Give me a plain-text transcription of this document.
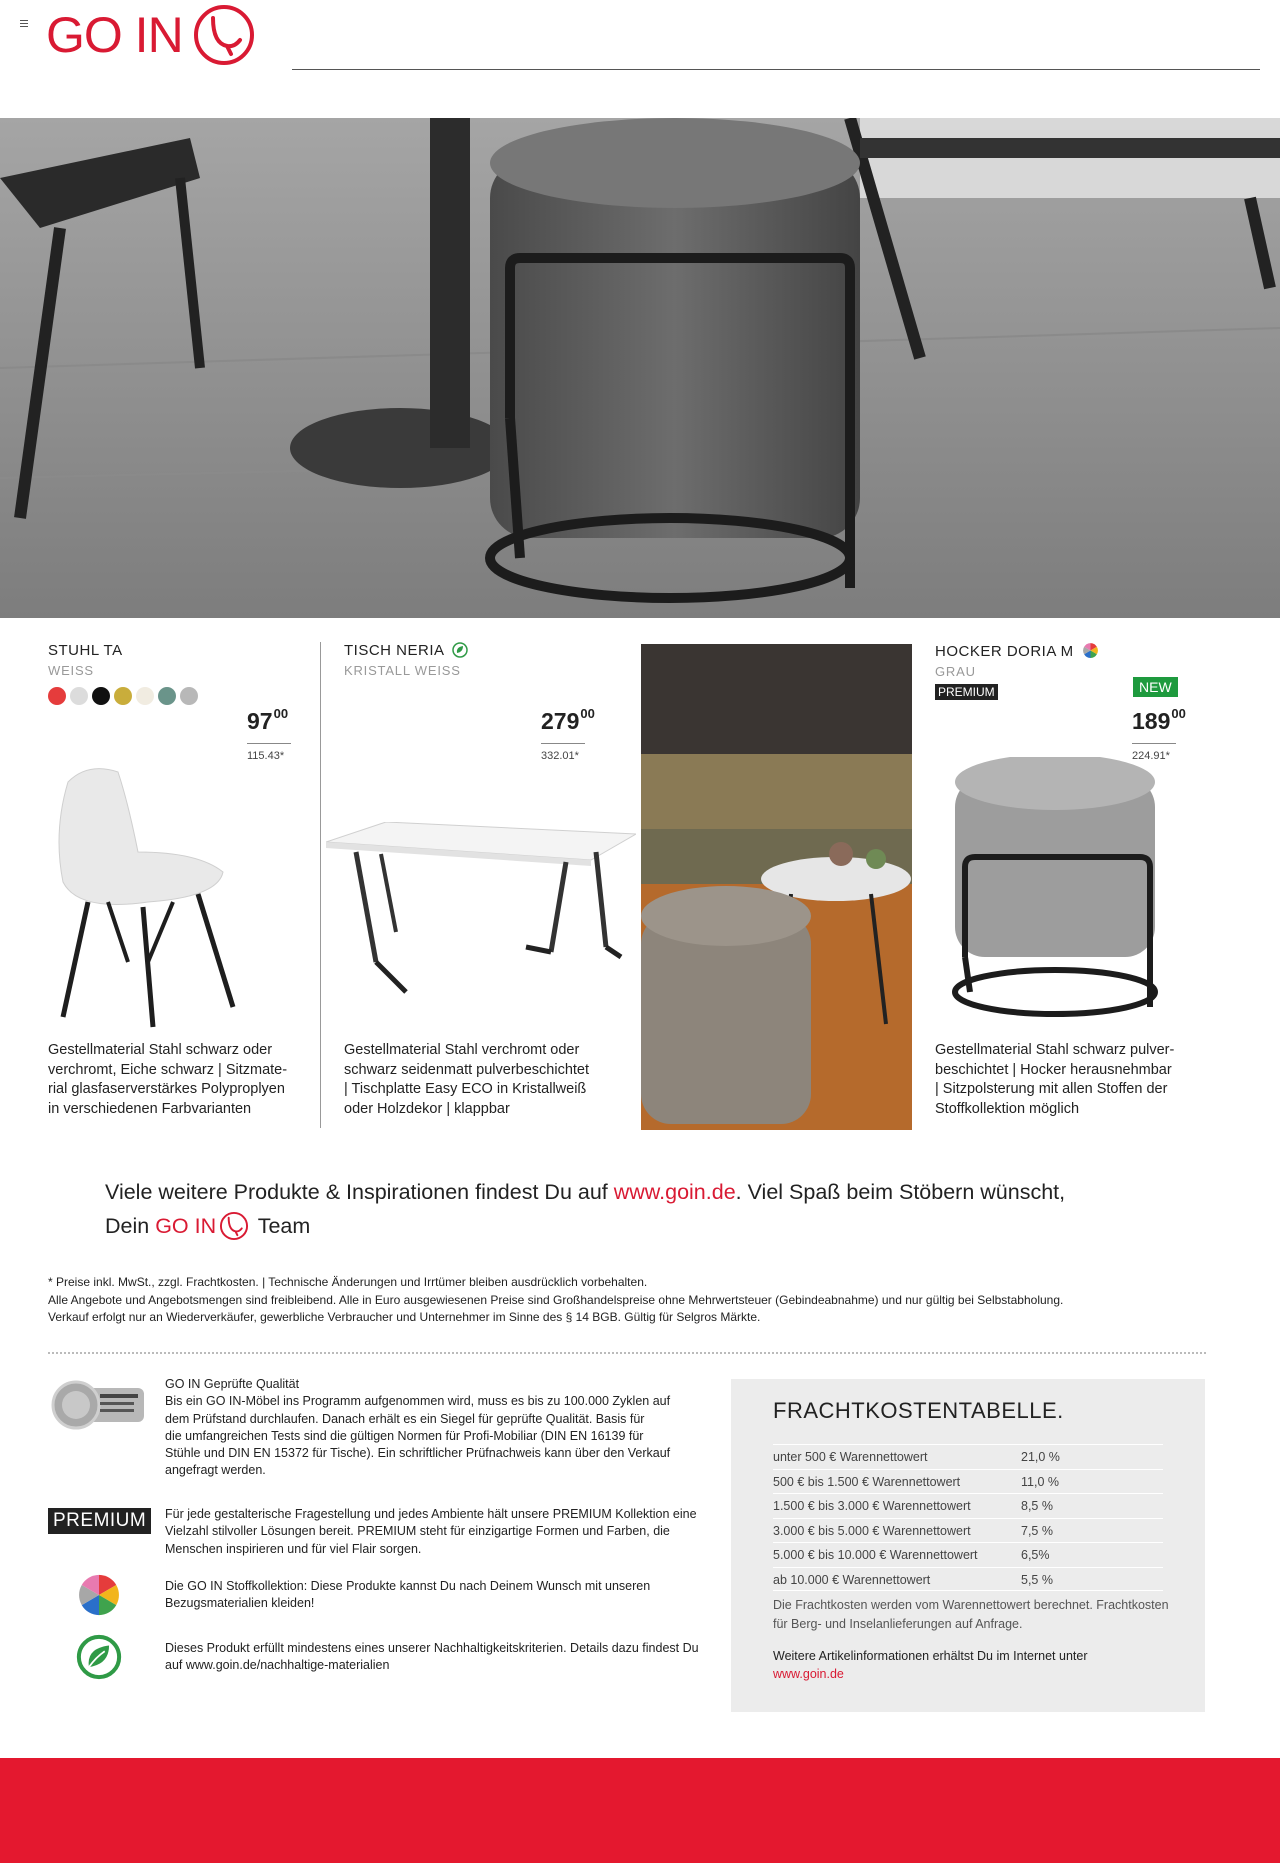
GO IN
STUHL TA
WEISS
$97^{00}$
115.43*
Gestellmaterial Stahl schwarz oder
verchromt, Eiche schwarz | Sitzmate-
rial glasfaserverstärkes Polyproplyen
in verschiedenen Farbvarianten
TISCH NERIA
KRISTALL WEISS
$279^{00}$
332.01*
Gestellmaterial Stahl verchromt oder
schwarz seidenmatt pulverbeschichtet
| Tischplatte Easy ECO in Kristallweiß
oder Holzdekor | klappbar
HOCKER DORIA M
GRAU
PREMIUM	NEW
$189^{00}$
224.91*
Gestellmaterial Stahl schwarz pulver-
beschichtet | Hocker herausnehmbar
| Sitzpolsterung mit allen Stoffen der
Stoffkollektion möglich
Viele weitere Produkte & Inspirationen findest Du auf www.goin.de. Viel Spaß beim Stöbern wünscht,
Dein GO IN Team
* Preise inkl. MwSt., zzgl. Frachtkosten. | Technische Änderungen und Irrtümer bleiben ausdrücklich vorbehalten.
Alle Angebote und Angebotsmengen sind freibleibend. Alle in Euro ausgewiesenen Preise sind Großhandelspreise ohne Mehrwertsteuer (Gebindeabnahme) und nur gültig bei Selbstabholung.
Verkauf erfolgt nur an Wiederverkäufer, gewerbliche Verbraucher und Unternehmer im Sinne des § 14 BGB. Gültig für Selgros Märkte.
GO IN Geprüfte Qualität
Bis ein GO IN-Möbel ins Programm aufgenommen wird, muss es bis zu 100.000 Zyklen auf
dem Prüfstand durchlaufen. Danach erhält es ein Siegel für geprüfte Qualität. Basis für
die umfangreichen Tests sind die gültigen Normen für Profi-Mobiliar (DIN EN 16139 für
Stühle und DIN EN 15372 für Tische). Ein schriftlicher Prüfnachweis kann über den Verkauf
angefragt werden.
PREMIUM	Für jede gestalterische Fragestellung und jedes Ambiente hält unsere PREMIUM Kollektion eine
Vielzahl stilvoller Lösungen bereit. PREMIUM steht für einzigartige Formen und Farben, die
Menschen inspirieren und für viel Flair sorgen.
Die GO IN Stoffkollektion: Diese Produkte kannst Du nach Deinem Wunsch mit unseren
Bezugsmaterialien kleiden!
Dieses Produkt erfüllt mindestens eines unserer Nachhaltigkeitskriterien. Details dazu findest Du
auf www.goin.de/nachhaltige-materialien
FRACHTKOSTENTABELLE.
unter 500 € Warennettowert	21,0 %
500 € bis 1.500 € Warennettowert	11,0 %
1.500 € bis 3.000 € Warennettowert	8,5 %
3.000 € bis 5.000 € Warennettowert	7,5 %
5.000 € bis 10.000 € Warennettowert	6,5%
ab 10.000 € Warennettowert	5,5 %
Die Frachtkosten werden vom Warennettowert berechnet. Frachtkosten
für Berg- und Inselanlieferungen auf Anfrage.
Weitere Artikelinformationen erhältst Du im Internet unter
www.goin.de
